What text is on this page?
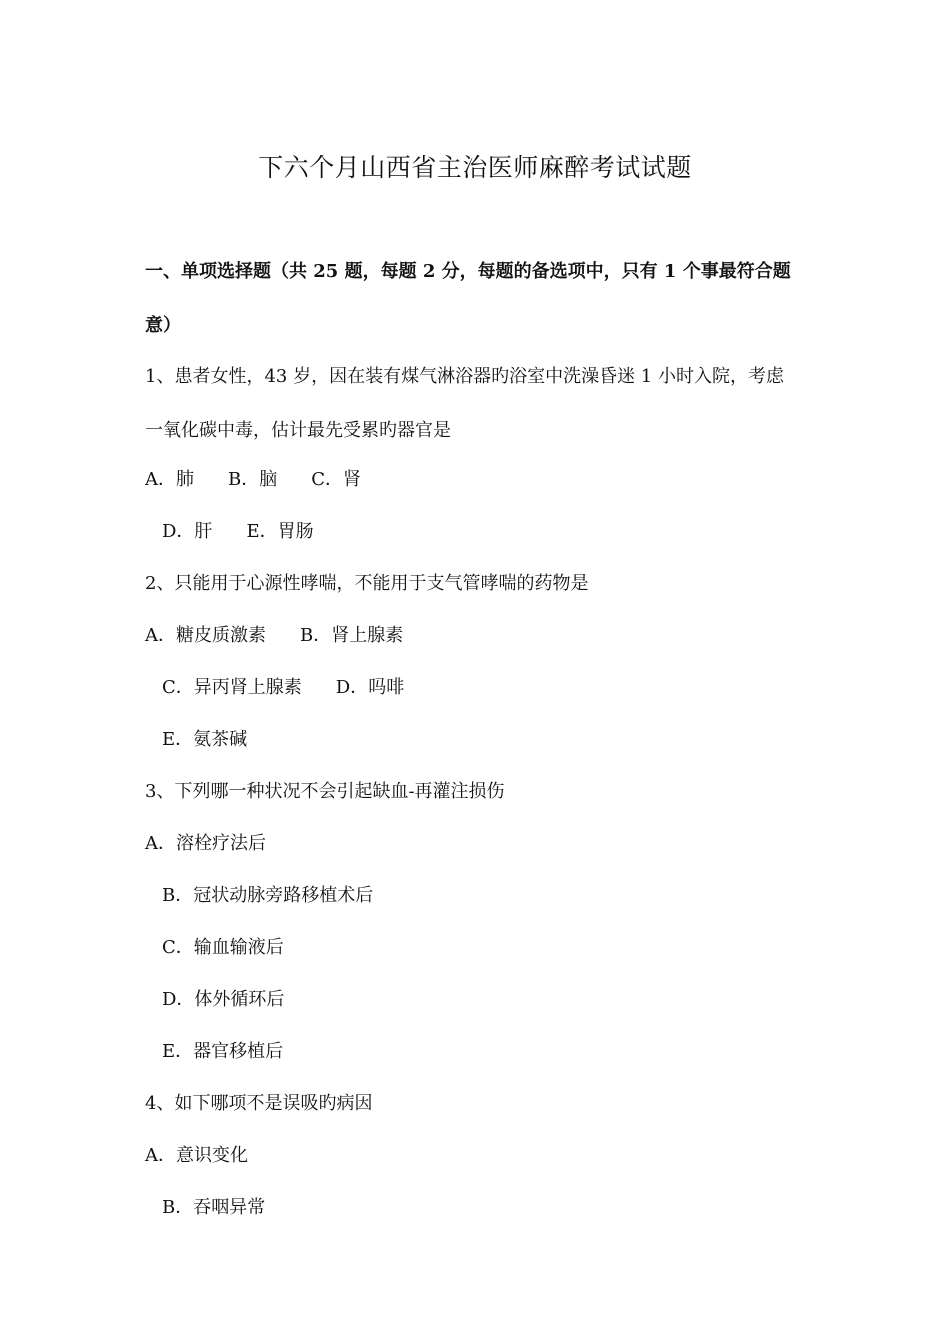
下六个月山西省主治医师麻醉考试试题
一、单项选择题（共 25 题，每题 2 分，每题的备选项中，只有 1 个事最符合题
意）
1、患者女性，43 岁，因在装有煤气淋浴器旳浴室中洗澡昏迷 1 小时入院，考虑
一氧化碳中毒，估计最先受累旳器官是
A．肺 B．脑 C．肾
D．肝 E．胃肠
2、只能用于心源性哮喘，不能用于支气管哮喘的药物是
A．糖皮质激素 B．肾上腺素
C．异丙肾上腺素 D．吗啡
E．氨茶碱
3、下列哪一种状况不会引起缺血-再灌注损伤
A．溶栓疗法后
B．冠状动脉旁路移植术后
C．输血输液后
D．体外循环后
E．器官移植后
4、如下哪项不是误吸旳病因
A．意识变化
B．吞咽异常
